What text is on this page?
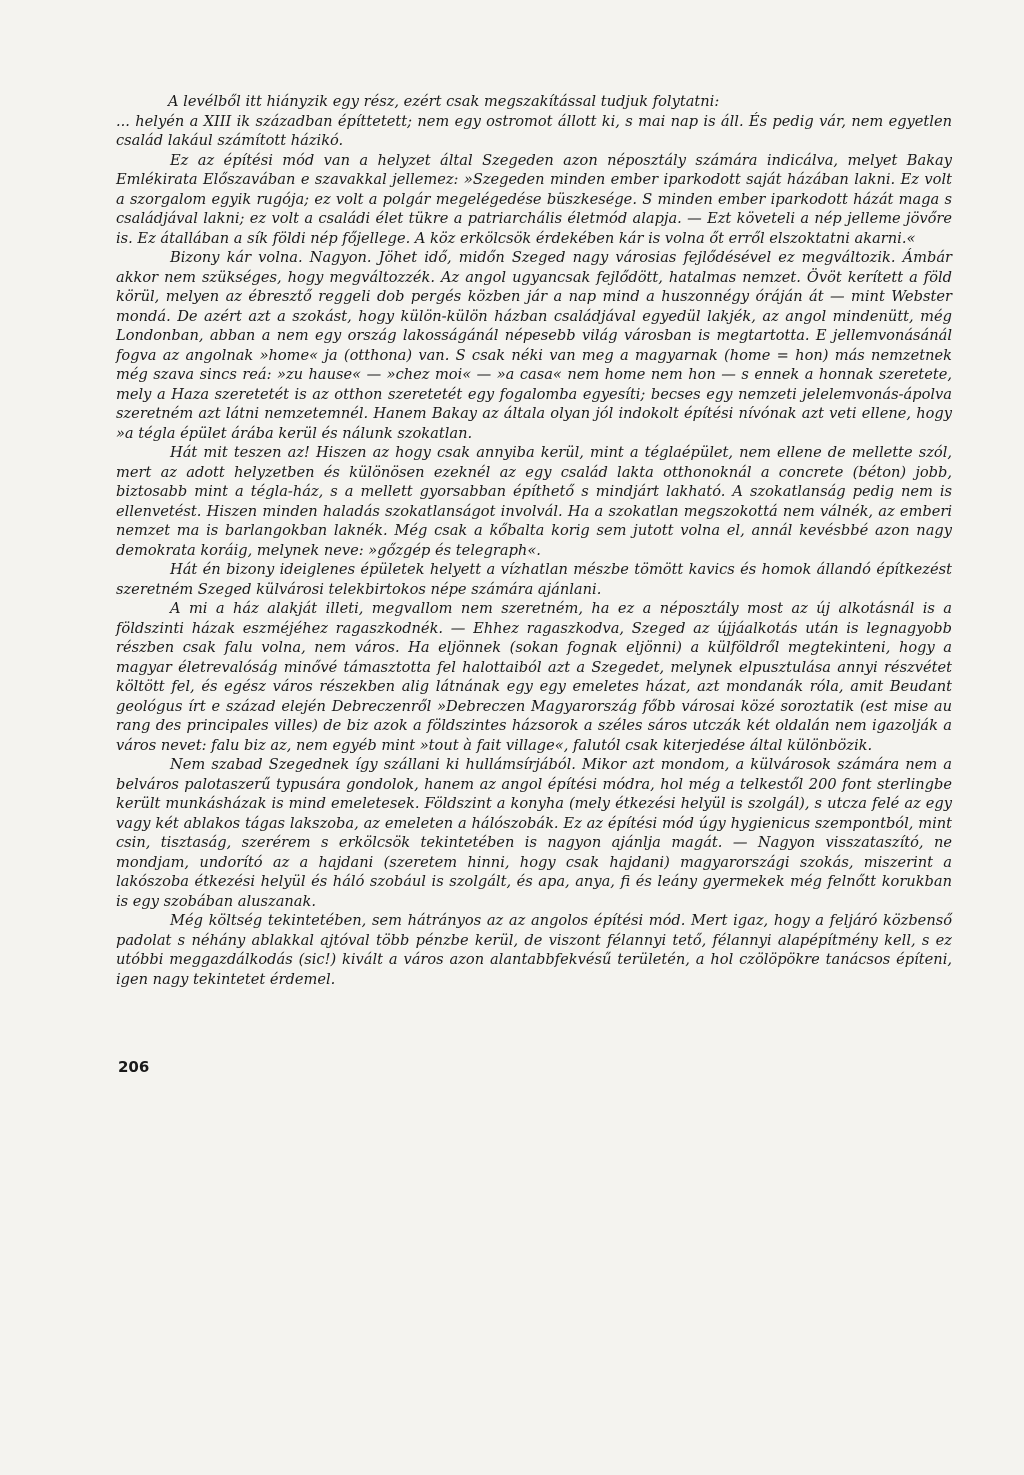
A levélből itt hiányzik egy rész, ezért csak megszakítással tudjuk folytatni:

... helyén a XIII ik században építtetett; nem egy ostromot állott ki, s mai nap is áll. És pedig vár, nem egyetlen család lakául számított házikó.

Ez az építési mód van a helyzet által Szegeden azon néposztály számára indicálva, melyet Bakay Emlékirata Előszavában e szavakkal jellemez: »Szegeden minden ember iparkodott saját házában lakni. Ez volt a szorgalom egyik rugója; ez volt a polgár megelégedése büszkesége. S minden ember iparkodott házát maga s családjával lakni; ez volt a családi élet tükre a patriarchális életmód alapja. — Ezt követeli a nép jelleme jövőre is. Ez átallában a sík földi nép főjellege. A köz erkölcsök érdekében kár is volna őt erről elszoktatni akarni.«

Bizony kár volna. Nagyon. Jöhet idő, midőn Szeged nagy városias fejlődésével ez megváltozik. Ámbár akkor nem szükséges, hogy megváltozzék. Az angol ugyancsak fejlődött, hatalmas nemzet. Övöt kerített a föld körül, melyen az ébresztő reggeli dob pergés közben jár a nap mind a huszonnégy óráján át — mint Webster mondá. De azért azt a szokást, hogy külön-külön házban családjával egyedül lakjék, az angol mindenütt, még Londonban, abban a nem egy ország lakosságánál népesebb világ városban is megtartotta. E jellemvonásánál fogva az angolnak »home« ja (otthona) van. S csak néki van meg a magyarnak (home = hon) más nemzetnek még szava sincs reá: »zu hause« — »chez moi« — »a casa« nem home nem hon — s ennek a honnak szeretete, mely a Haza szeretetét is az otthon szeretetét egy fogalomba egyesíti; becses egy nemzeti jelelemvonás-ápolva szeretném azt látni nemzetemnél. Hanem Bakay az általa olyan jól indokolt építési nívónak azt veti ellene, hogy »a tégla épület árába kerül és nálunk szokatlan.

Hát mit teszen az! Hiszen az hogy csak annyiba kerül, mint a téglaépület, nem ellene de mellette szól, mert az adott helyzetben és különösen ezeknél az egy család lakta otthonoknál a concrete (béton) jobb, biztosabb mint a tégla-ház, s a mellett gyorsabban építhető s mindjárt lakható. A szokatlanság pedig nem is ellenvetést. Hiszen minden haladás szokatlanságot involvál. Ha a szokatlan megszokottá nem válnék, az emberi nemzet ma is barlangokban laknék. Még csak a kőbalta korig sem jutott volna el, annál kevésbbé azon nagy demokrata koráig, melynek neve: »gőzgép és telegraph«.

Hát én bizony ideiglenes épületek helyett a vízhatlan mészbe tömött kavics és homok állandó építkezést szeretném Szeged külvárosi telekbirtokos népe számára ajánlani.

A mi a ház alakját illeti, megvallom nem szeretném, ha ez a néposztály most az új alkotásnál is a földszinti házak eszméjéhez ragaszkodnék. — Ehhez ragaszkodva, Szeged az újjáalkotás után is legnagyobb részben csak falu volna, nem város. Ha eljönnek (sokan fognak eljönni) a külföldről megtekinteni, hogy a magyar életrevalóság minővé támasztotta fel halottaiból azt a Szegedet, melynek elpusztulása annyi részvétet költött fel, és egész város részekben alig látnának egy egy emeletes házat, azt mondanák róla, amit Beudant geológus írt e század elején Debreczenről »Debreczen Magyarország főbb városai közé soroztatik (est mise au rang des principales villes) de biz azok a földszintes házsorok a széles sáros utczák két oldalán nem igazolják a város nevet: falu biz az, nem egyéb mint »tout à fait village«, falutól csak kiterjedése által különbözik.

Nem szabad Szegednek így szállani ki hullámsírjából. Mikor azt mondom, a külvárosok számára nem a belváros palotaszerű typusára gondolok, hanem az angol építési módra, hol még a telkestől 200 font sterlingbe került munkásházak is mind emeletesek. Földszint a konyha (mely étkezési helyül is szolgál), s utcza felé az egy vagy két ablakos tágas lakszoba, az emeleten a hálószobák. Ez az építési mód úgy hygienicus szempontból, mint csin, tisztaság, szerérem s erkölcsök tekintetében is nagyon ajánlja magát. — Nagyon visszataszító, ne mondjam, undorító az a hajdani (szeretem hinni, hogy csak hajdani) magyarországi szokás, miszerint a lakószoba étkezési helyül és háló szobául is szolgált, és apa, anya, fi és leány gyermekek még felnőtt korukban is egy szobában aluszanak.

Még költség tekintetében, sem hátrányos az az angolos építési mód. Mert igaz, hogy a feljáró közbenső padolat s néhány ablakkal ajtóval több pénzbe kerül, de viszont félannyi tető, félannyi alapépítmény kell, s ez utóbbi meggazdálkodás (sic!) kivált a város azon alantabbfekvésű területén, a hol czölöpökre tanácsos építeni, igen nagy tekintetet érdemel.

206
